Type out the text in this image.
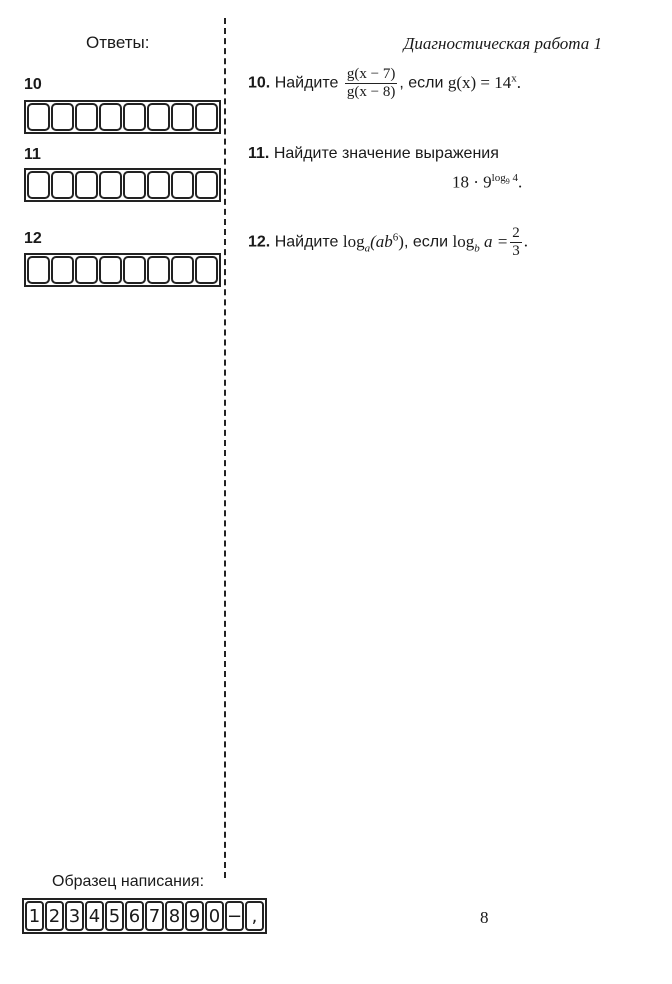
Ответы:	Диагностическая работа 1
10
11
12
10. Найдите $\frac{g(x - 7)}{g(x - 8)}$ , если $g(x) = 14^x$.
11. Найдите значение выражения
$18 \cdot 9^{log_9 4}$.
12. Найдите $\log_a(ab^6)$, если $\log_b a = \frac{2}{3}$ .
Образец написания:
1 2 3 4 5 6 7 8 9 0 − ,	8
